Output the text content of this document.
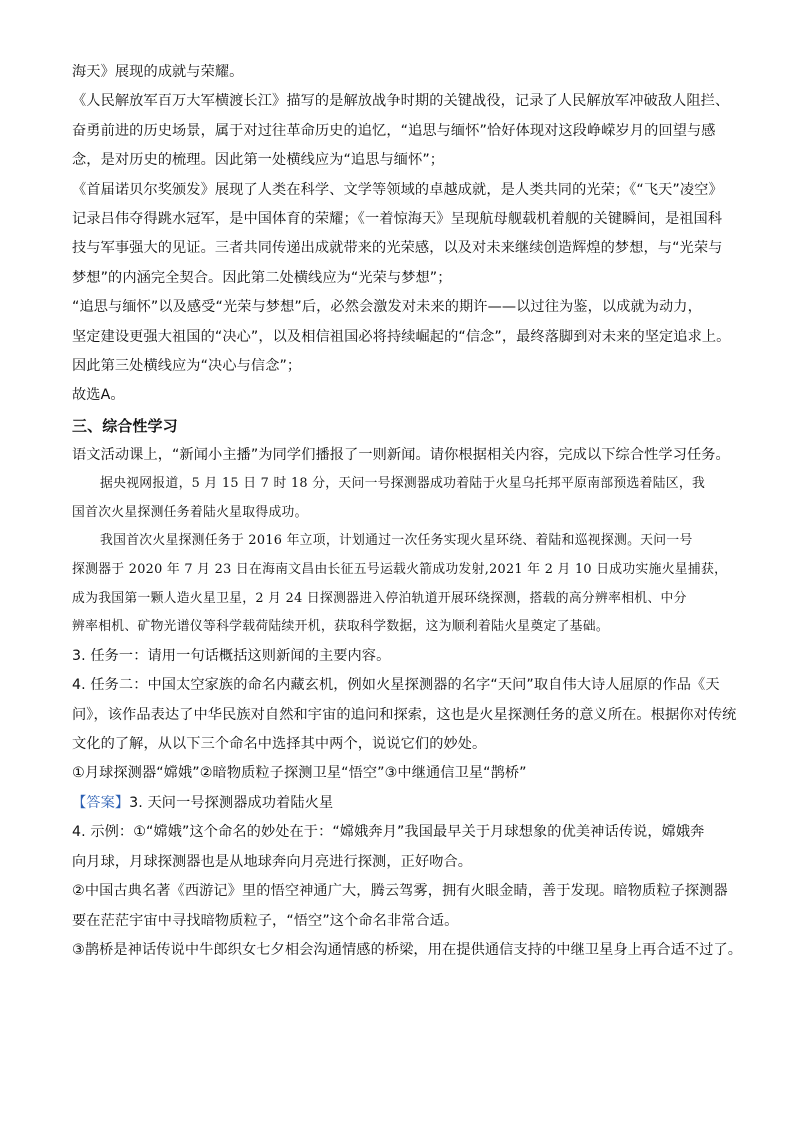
海天》展现的成就与荣耀。
《人民解放军百万大军横渡长江》描写的是解放战争时期的关键战役，记录了人民解放军冲破敌人阻拦、
奋勇前进的历史场景，属于对过往革命历史的追忆，“追思与缅怀”恰好体现对这段峥嵘岁月的回望与感
念，是对历史的梳理。因此第一处横线应为“追思与缅怀”；
《首届诺贝尔奖颁发》展现了人类在科学、文学等领域的卓越成就，是人类共同的光荣；《“飞天”凌空》
记录吕伟夺得跳水冠军，是中国体育的荣耀；《一着惊海天》呈现航母舰载机着舰的关键瞬间，是祖国科
技与军事强大的见证。三者共同传递出成就带来的光荣感，以及对未来继续创造辉煌的梦想，与“光荣与
梦想”的内涵完全契合。因此第二处横线应为“光荣与梦想”；
“追思与缅怀”以及感受“光荣与梦想”后，必然会激发对未来的期许——以过往为鉴，以成就为动力，
坚定建设更强大祖国的“决心”，以及相信祖国必将持续崛起的“信念”，最终落脚到对未来的坚定追求上。
因此第三处横线应为“决心与信念”；
故选A。
三、综合性学习
语文活动课上，“新闻小主播”为同学们播报了一则新闻。请你根据相关内容，完成以下综合性学习任务。
据央视网报道，5 月 15 日 7 时 18 分，天问一号探测器成功着陆于火星乌托邦平原南部预选着陆区，我
国首次火星探测任务着陆火星取得成功。
我国首次火星探测任务于 2016 年立项，计划通过一次任务实现火星环绕、着陆和巡视探测。天问一号
探测器于 2020 年 7 月 23 日在海南文昌由长征五号运载火箭成功发射,2021 年 2 月 10 日成功实施火星捕获，
成为我国第一颗人造火星卫星，2 月 24 日探测器进入停泊轨道开展环绕探测，搭载的高分辨率相机、中分
辨率相机、矿物光谱仪等科学载荷陆续开机，获取科学数据，这为顺利着陆火星奠定了基础。
3. 任务一：请用一句话概括这则新闻的主要内容。
4. 任务二：中国太空家族的命名内藏玄机，例如火星探测器的名字“天问”取自伟大诗人屈原的作品《天
问》，该作品表达了中华民族对自然和宇宙的追问和探索，这也是火星探测任务的意义所在。根据你对传统
文化的了解，从以下三个命名中选择其中两个，说说它们的妙处。
①月球探测器“嫦娥”②暗物质粒子探测卫星“悟空”③中继通信卫星“鹊桥”
【答案】3. 天问一号探测器成功着陆火星
4. 示例：①“嫦娥”这个命名的妙处在于：“嫦娥奔月”我国最早关于月球想象的优美神话传说，嫦娥奔
向月球，月球探测器也是从地球奔向月亮进行探测，正好吻合。
②中国古典名著《西游记》里的悟空神通广大，腾云驾雾，拥有火眼金睛，善于发现。暗物质粒子探测器
要在茫茫宇宙中寻找暗物质粒子，“悟空”这个命名非常合适。
③鹊桥是神话传说中牛郎织女七夕相会沟通情感的桥梁，用在提供通信支持的中继卫星身上再合适不过了。
